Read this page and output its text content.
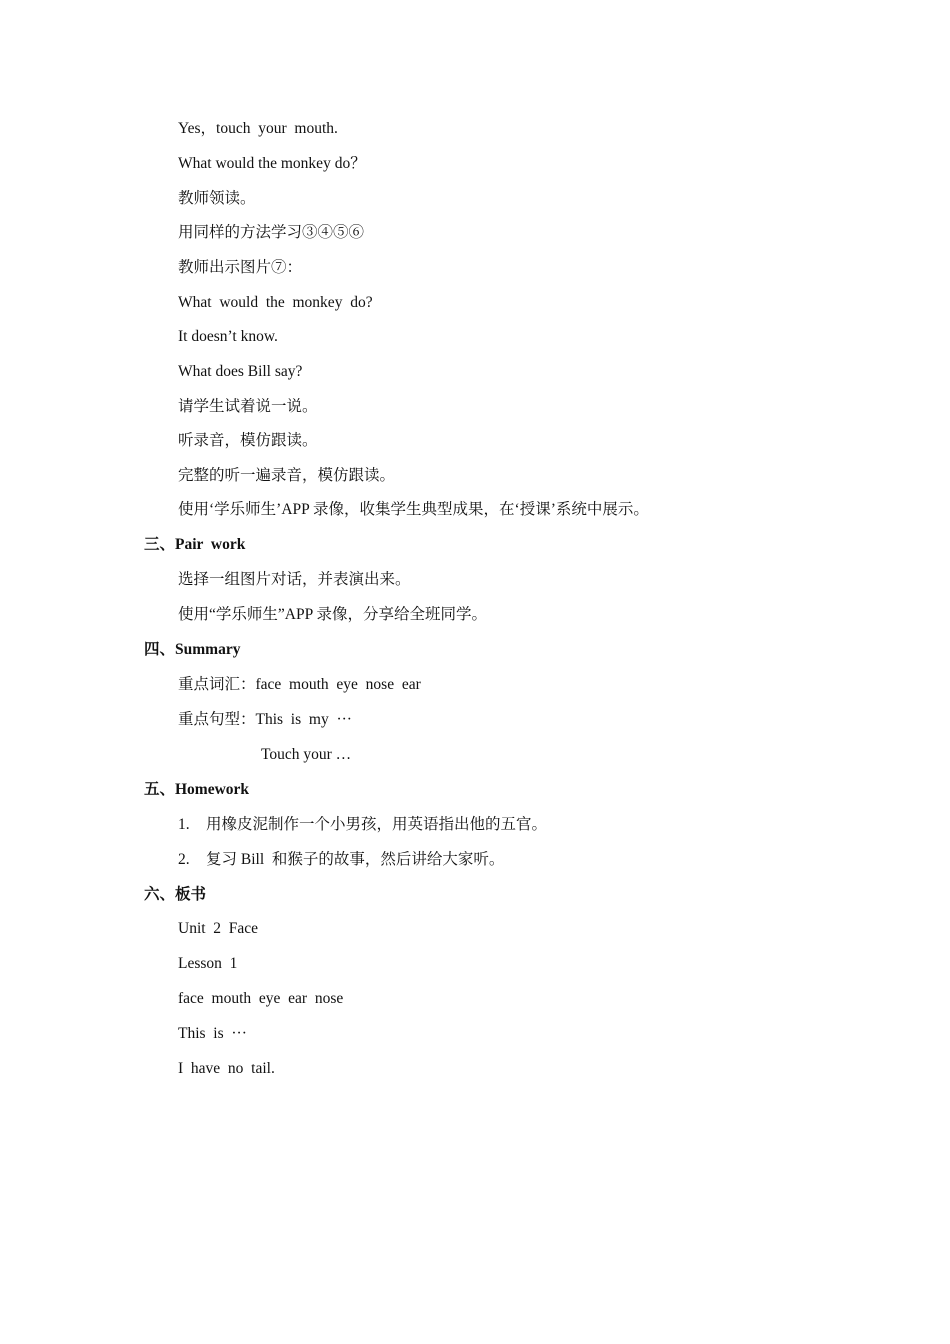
Yes，touch  your  mouth.
What would the monkey do？
教师领读。
用同样的方法学习③④⑤⑥
教师出示图片⑦：
What  would  the  monkey  do?
It doesn’t know.
What does Bill say?
请学生试着说一说。
听录音，模仿跟读。
完整的听一遍录音，模仿跟读。
使用‘学乐师生’APP 录像，收集学生典型成果，在‘授课’系统中展示。
三、Pair  work
选择一组图片对话，并表演出来。
使用“学乐师生”APP 录像，分享给全班同学。
四、Summary
重点词汇：face  mouth  eye  nose  ear
重点句型：This  is  my  ···
Touch your …
五、Homework
1. 用橡皮泥制作一个小男孩，用英语指出他的五官。
2. 复习 Bill  和猴子的故事，然后讲给大家听。
六、板书
Unit  2  Face
Lesson  1
face  mouth  eye  ear  nose
This  is  ···
I  have  no  tail.
